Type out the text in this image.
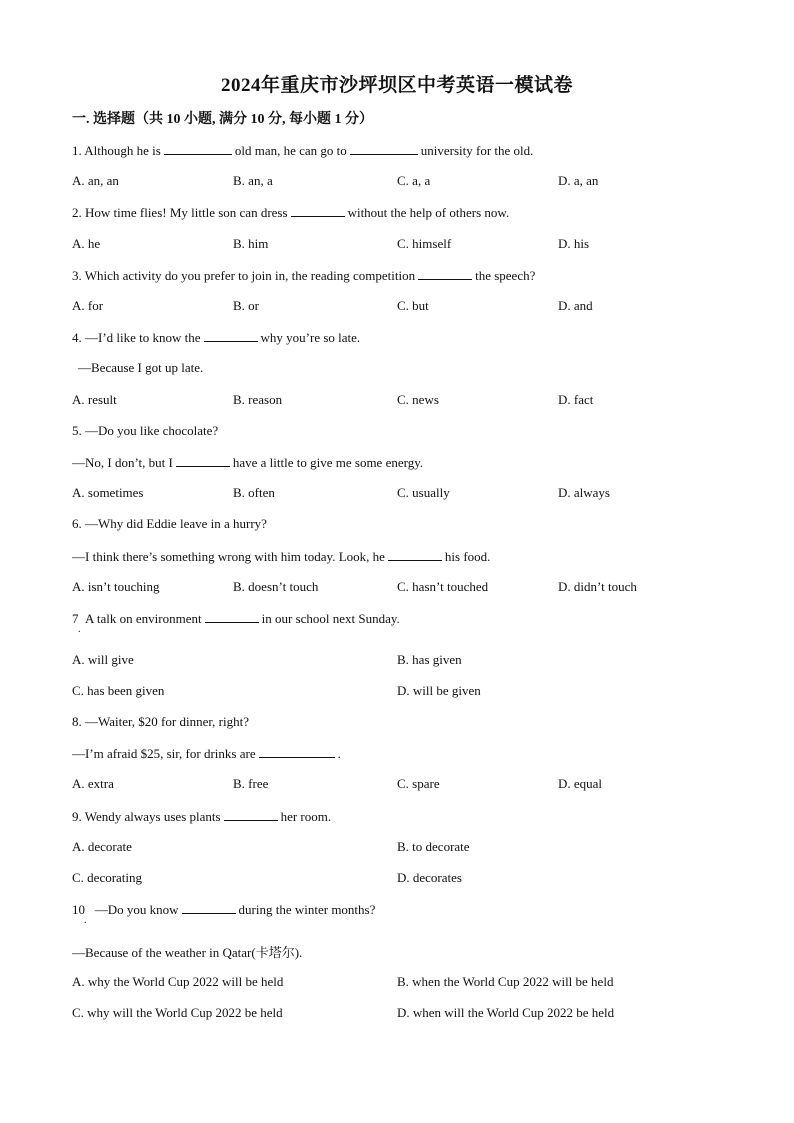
2024年重庆市沙坪坝区中考英语一模试卷
一. 选择题（共 10 小题, 满分 10 分, 每小题 1 分）
1. Although he is	old man, he can go to	university for the old.
A. an, an	B. an, a	C. a, a	D. a, an
2. How time flies! My little son can dress	without the help of others now.
A. he	B. him	C. himself	D. his
3. Which activity do you prefer to join in, the reading competition	the speech?
A. for	B. or	C. but	D. and
4. —I’d like to know the	why you’re so late.
—Because I got up late.
A. result	B. reason	C. news	D. fact
5. —Do you like chocolate?
—No, I don’t, but I	have a little to give me some energy.
A. sometimes	B. often	C. usually	D. always
6. —Why did Eddie leave in a hurry?
—I think there’s something wrong with him today. Look, he	his food.
A. isn’t touching	B. doesn’t touch	C. hasn’t touched	D. didn’t touch
7 A talk on environment	in our school next Sunday.
.
A. will give	B. has given
C. has been given	D. will be given
8. —Waiter, $20 for dinner, right?
—I’m afraid $25, sir, for drinks are	.
A. extra	B. free	C. spare	D. equal
9. Wendy always uses plants	her room.
A. decorate	B. to decorate
C. decorating	D. decorates
10 —Do you know	during the winter months?
.
—Because of the weather in Qatar(卡塔尔).
A. why the World Cup 2022 will be held	B. when the World Cup 2022 will be held
C. why will the World Cup 2022 be held	D. when will the World Cup 2022 be held
